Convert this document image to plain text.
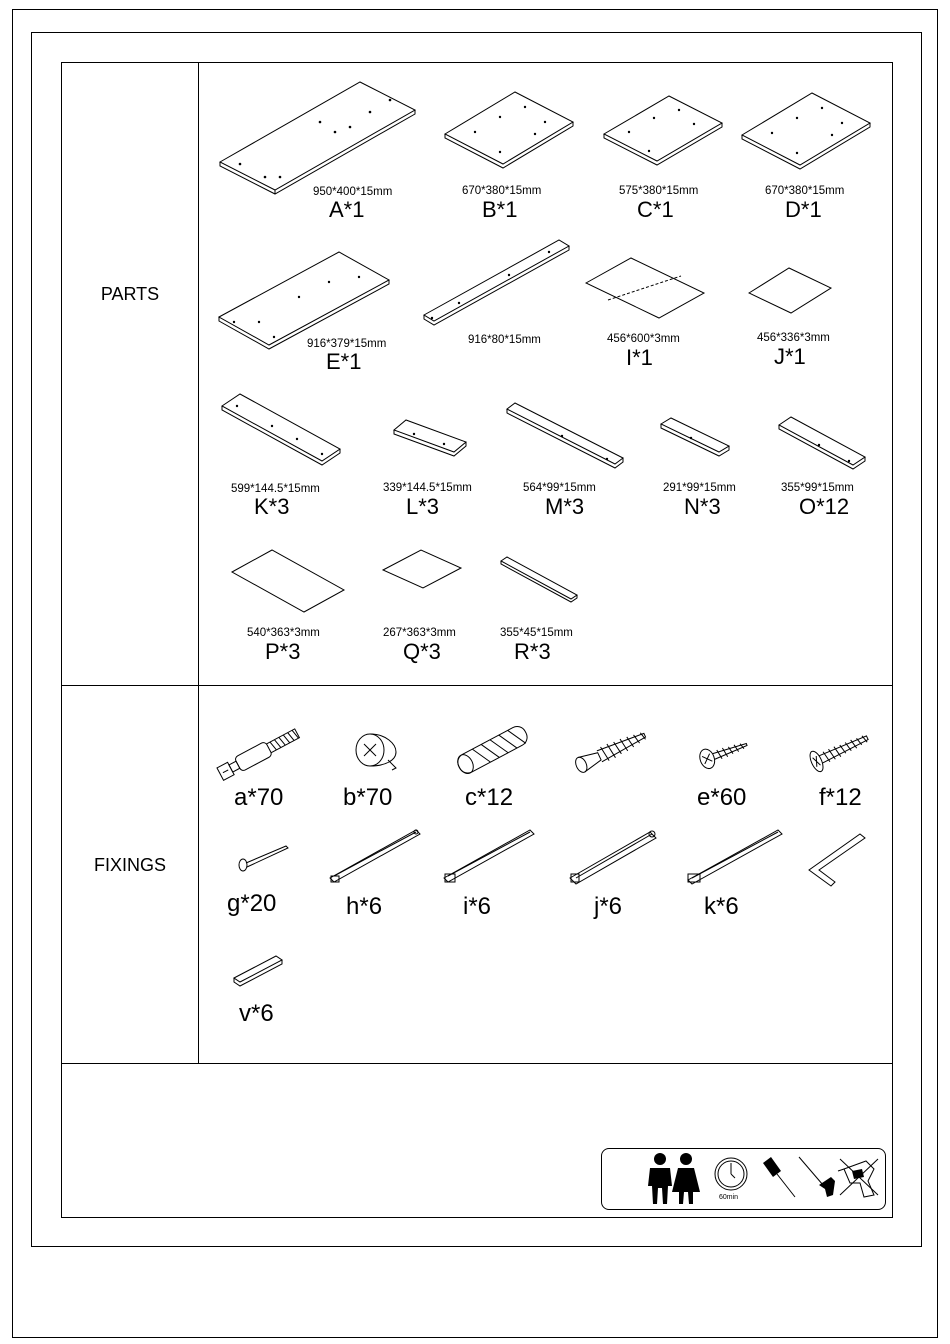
PARTS
FIXINGS
950*400*15mm
A*1
670*380*15mm
B*1
575*380*15mm
C*1
670*380*15mm
D*1
916*379*15mm
E*1
916*80*15mm	456*600*3mm
I*1
456*336*3mm
J*1
599*144.5*15mm
K*3
339*144.5*15mm
L*3
564*99*15mm
M*3
291*99*15mm
N*3
355*99*15mm
O*12
540*363*3mm
P*3
267*363*3mm
Q*3
355*45*15mm
R*3
a*70 b*70	c*12	e*60	f*12
g*20	h*6	i*6	j*6	k*6
v*6
60min
